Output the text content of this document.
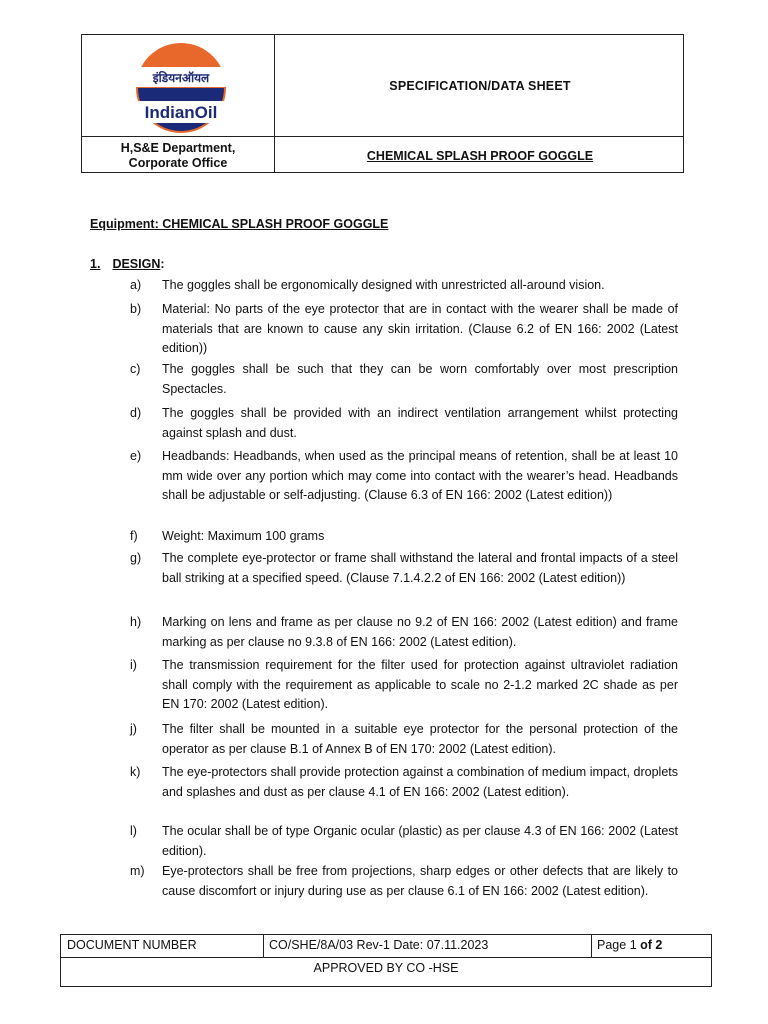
इंडियनऑयल
IndianOil
H,S&E Department,
Corporate Office
SPECIFICATION/DATA SHEET
CHEMICAL SPLASH PROOF GOGGLE
Equipment: CHEMICAL SPLASH PROOF GOGGLE
1. DESIGN:
a)	The goggles shall be ergonomically designed with unrestricted all-around vision.
b)	Material: No parts of the eye protector that are in contact with the wearer shall be made of materials that are known to cause any skin irritation. (Clause 6.2 of EN 166: 2002 (Latest edition))
c)	The goggles shall be such that they can be worn comfortably over most prescription Spectacles.
d)	The goggles shall be provided with an indirect ventilation arrangement whilst protecting against splash and dust.
e)	Headbands: Headbands, when used as the principal means of retention, shall be at least 10 mm wide over any portion which may come into contact with the wearer’s head. Headbands shall be adjustable or self-adjusting. (Clause 6.3 of EN 166: 2002 (Latest edition))
f)	Weight: Maximum 100 grams
g)	The complete eye-protector or frame shall withstand the lateral and frontal impacts of a steel ball striking at a specified speed. (Clause 7.1.4.2.2 of EN 166: 2002 (Latest edition))
h)	Marking on lens and frame as per clause no 9.2 of EN 166: 2002 (Latest edition) and frame marking as per clause no 9.3.8 of EN 166: 2002 (Latest edition).
i)	The transmission requirement for the filter used for protection against ultraviolet radiation shall comply with the requirement as applicable to scale no 2-1.2 marked 2C shade as per EN 170: 2002 (Latest edition).
j)	The filter shall be mounted in a suitable eye protector for the personal protection of the operator as per clause B.1 of Annex B of EN 170: 2002 (Latest edition).
k)	The eye-protectors shall provide protection against a combination of medium impact, droplets and splashes and dust as per clause 4.1 of EN 166: 2002 (Latest edition).
l)	The ocular shall be of type Organic ocular (plastic) as per clause 4.3 of EN 166: 2002 (Latest edition).
m)	Eye-protectors shall be free from projections, sharp edges or other defects that are likely to cause discomfort or injury during use as per clause 6.1 of EN 166: 2002 (Latest edition).
DOCUMENT NUMBER	CO/SHE/8A/03 Rev-1 Date: 07.11.2023	Page 1 of 2
APPROVED BY CO -HSE
